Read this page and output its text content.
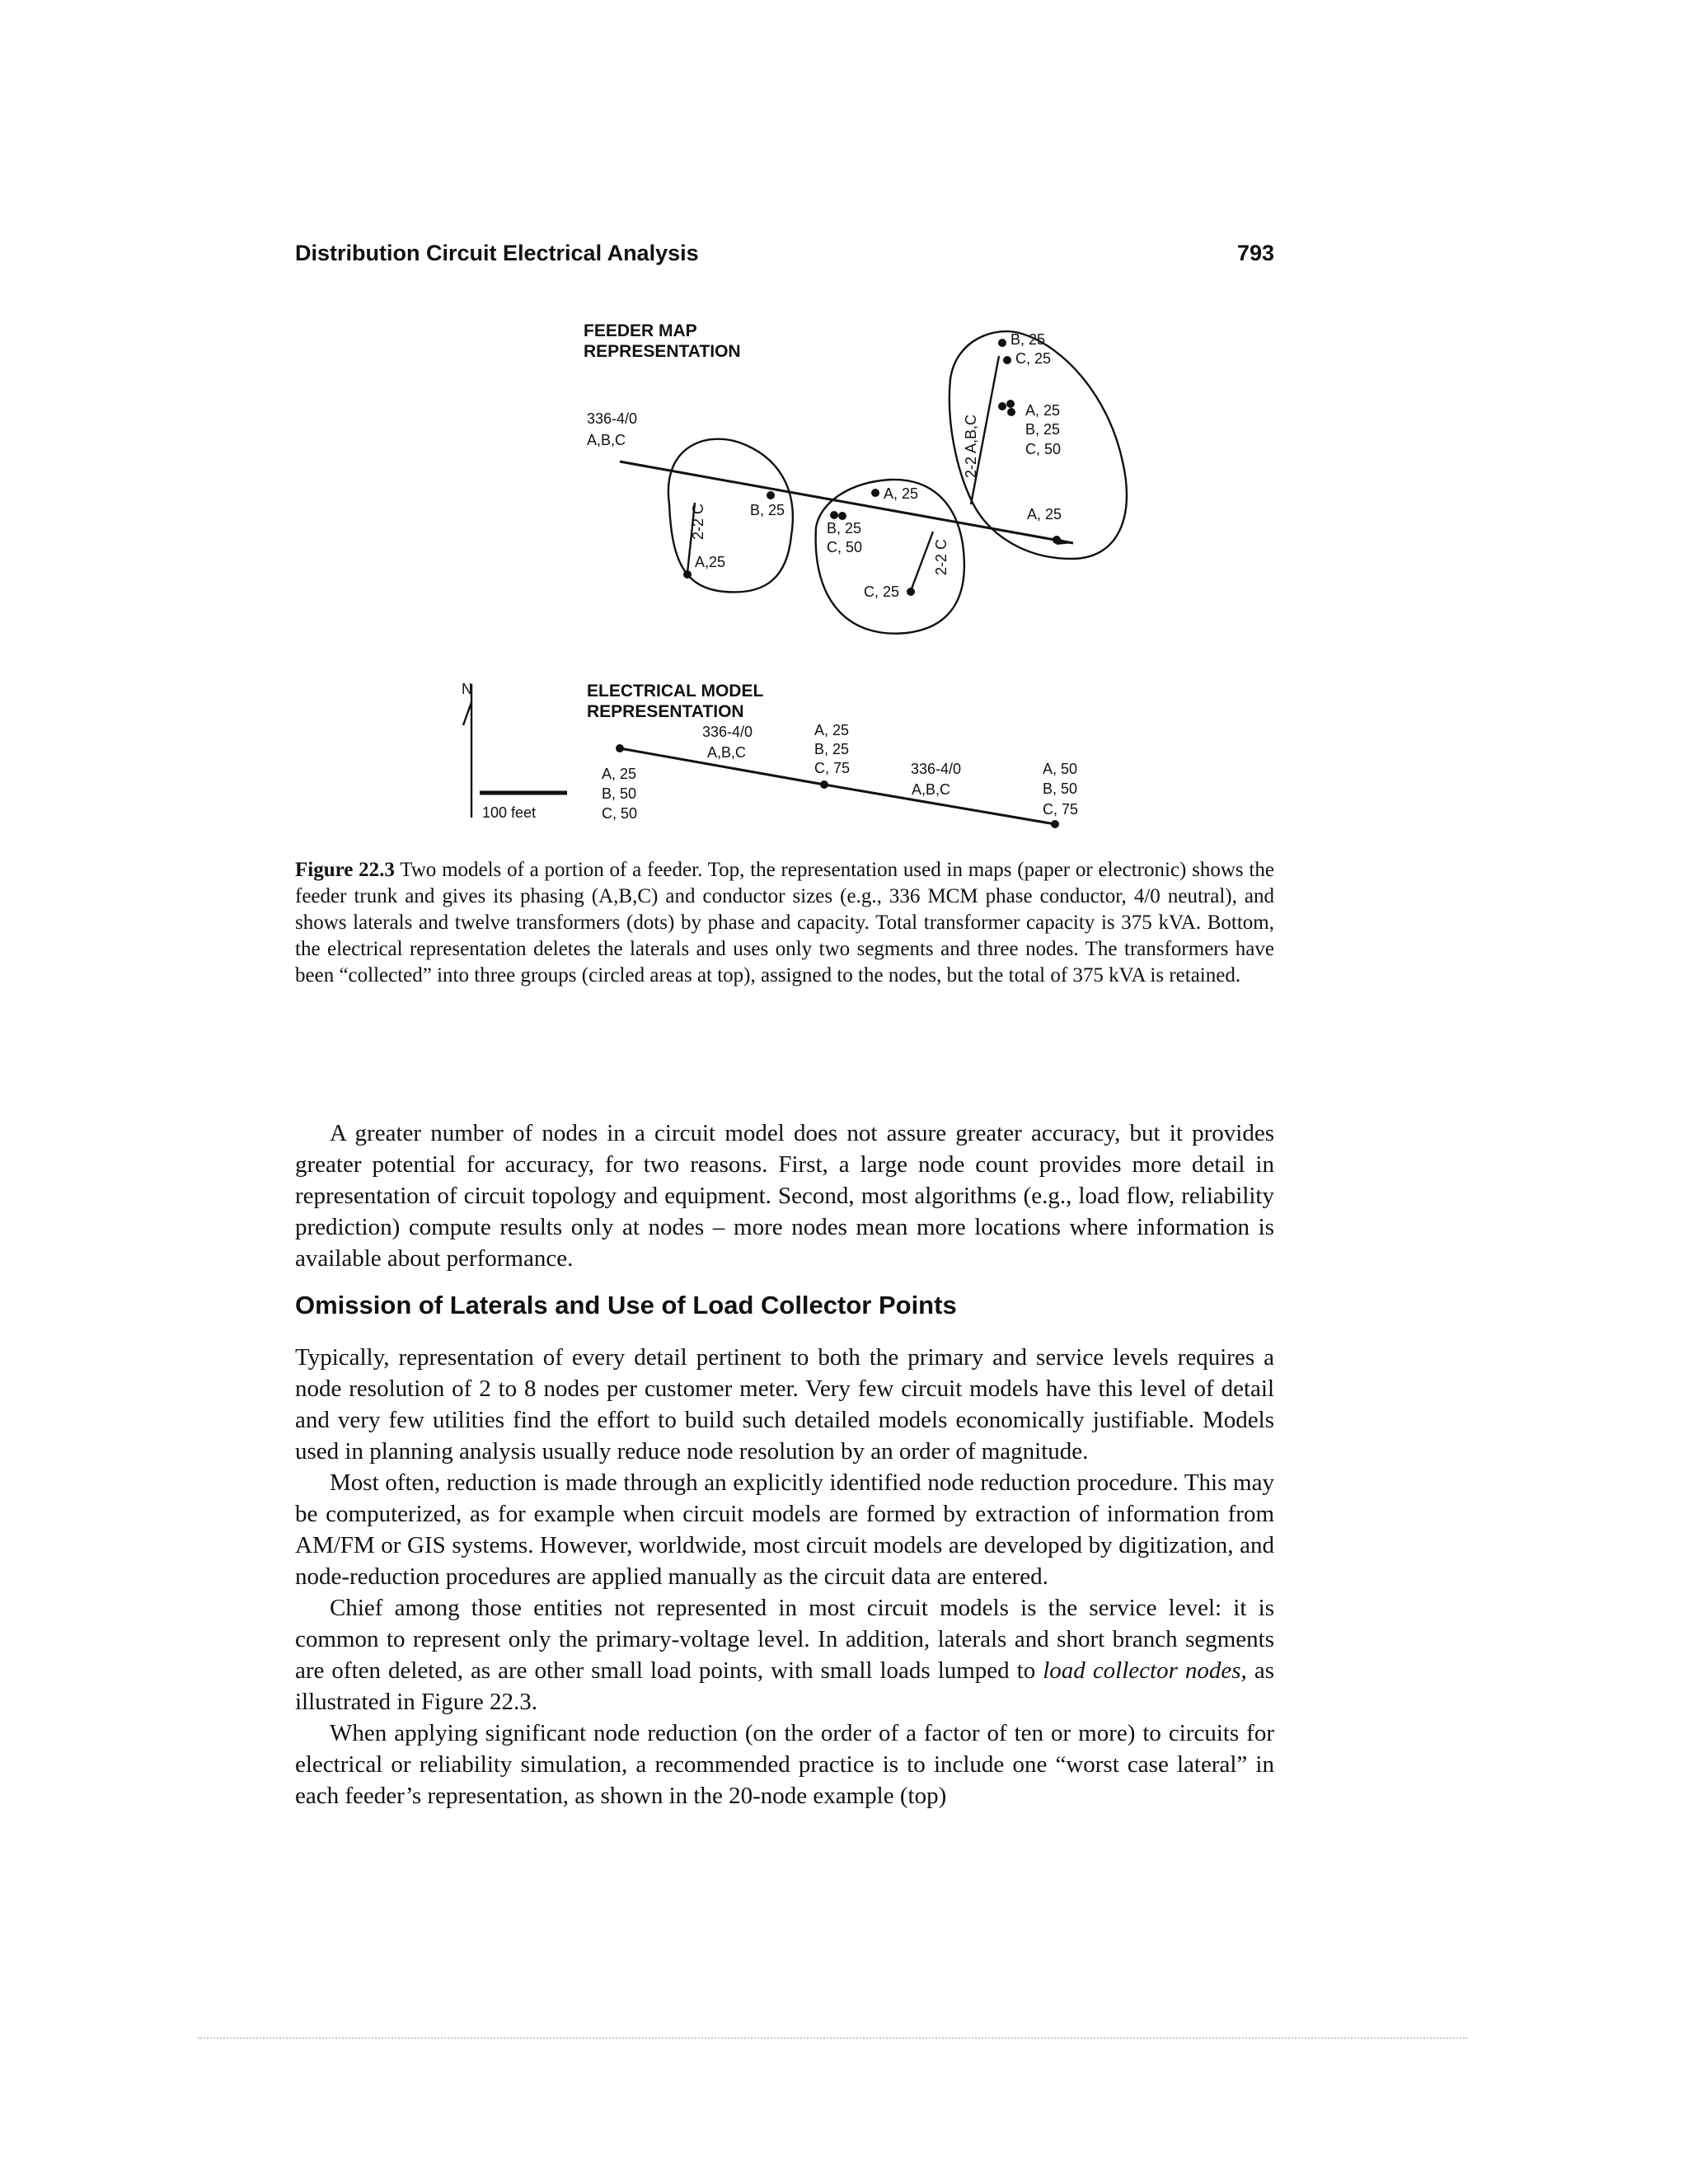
Distribution Circuit Electrical Analysis	793
FEEDER MAP
REPRESENTATION
336-4/0
A,B,C
2-2 C
A,25
B, 25
A, 25
B, 25
C, 50	2-2 C
C, 25
2-2 A,B,C
B, 25
C, 25
A, 25
B, 25
C, 50
A, 25
N
100 feet
ELECTRICAL MODEL
REPRESENTATION
336-4/0
A,B,C
A, 25
B, 50
C, 50
A, 25
B, 25
C, 75	336-4/0
A,B,C
A, 50
B, 50
C, 75
Figure 22.3 Two models of a portion of a feeder. Top, the representation used in maps (paper or electronic) shows the feeder trunk and gives its phasing (A,B,C) and conductor sizes (e.g., 336 MCM phase conductor, 4/0 neutral), and shows laterals and twelve transformers (dots) by phase and capacity. Total transformer capacity is 375 kVA. Bottom, the electrical representation deletes the laterals and uses only two segments and three nodes. The transformers have been “collected” into three groups (circled areas at top), assigned to the nodes, but the total of 375 kVA is retained.

A greater number of nodes in a circuit model does not assure greater accuracy, but it provides greater potential for accuracy, for two reasons. First, a large node count provides more detail in representation of circuit topology and equipment. Second, most algorithms (e.g., load flow, reliability prediction) compute results only at nodes – more nodes mean more locations where information is available about performance.

Omission of Laterals and Use of Load Collector Points

Typically, representation of every detail pertinent to both the primary and service levels requires a node resolution of 2 to 8 nodes per customer meter. Very few circuit models have this level of detail and very few utilities find the effort to build such detailed models economically justifiable. Models used in planning analysis usually reduce node resolution by an order of magnitude.

Most often, reduction is made through an explicitly identified node reduction procedure. This may be computerized, as for example when circuit models are formed by extraction of information from AM/FM or GIS systems. However, worldwide, most circuit models are developed by digitization, and node-reduction procedures are applied manually as the circuit data are entered.

Chief among those entities not represented in most circuit models is the service level: it is common to represent only the primary-voltage level. In addition, laterals and short branch segments are often deleted, as are other small load points, with small loads lumped to load collector nodes, as illustrated in Figure 22.3.

When applying significant node reduction (on the order of a factor of ten or more) to circuits for electrical or reliability simulation, a recommended practice is to include one “worst case lateral” in each feeder’s representation, as shown in the 20-node example (top)
